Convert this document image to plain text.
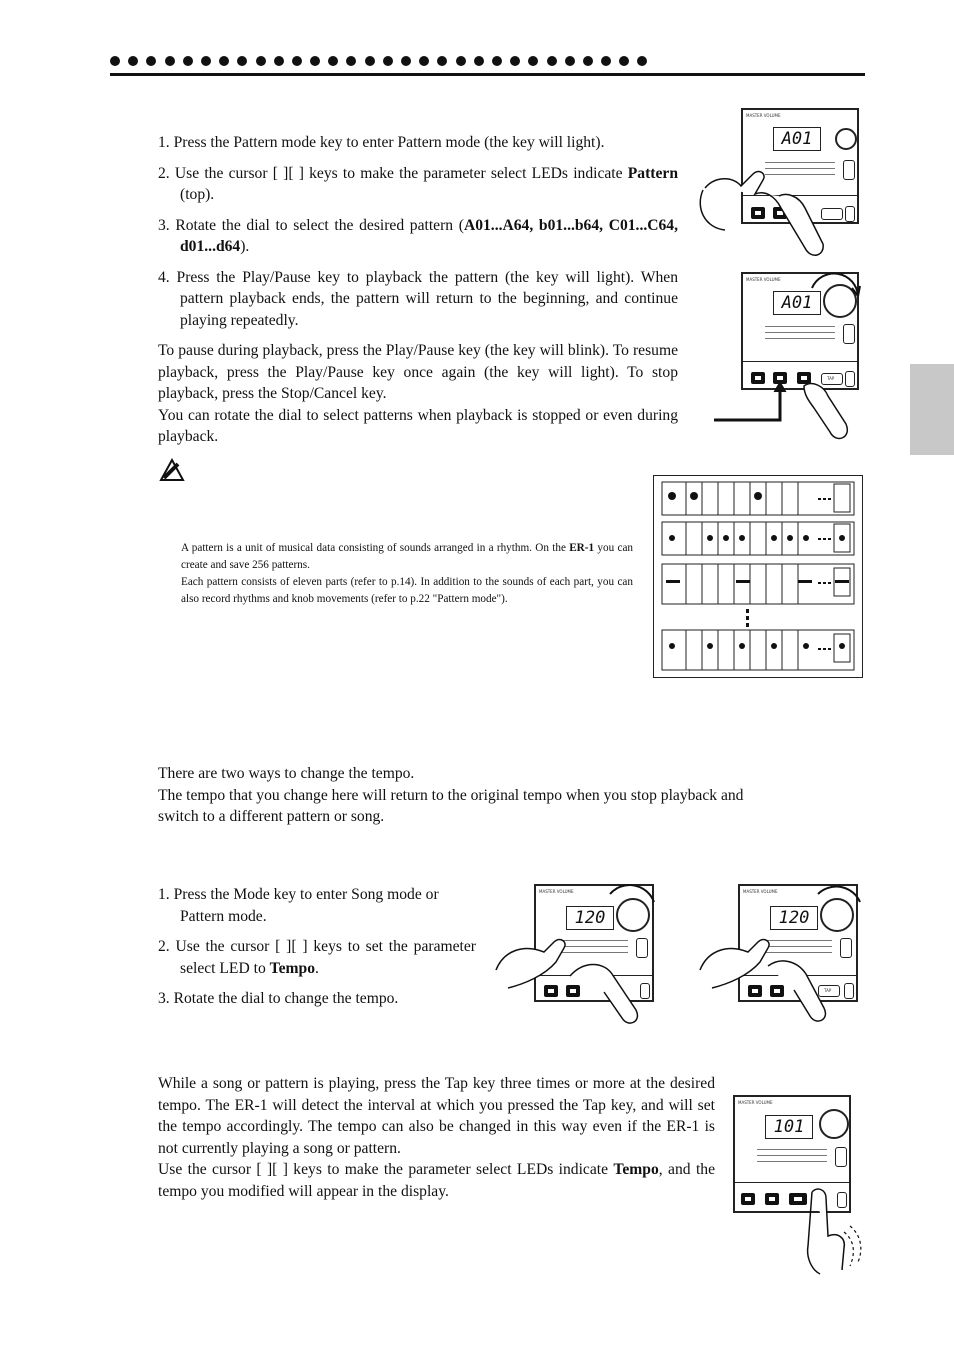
1. Press the Pattern mode key to enter Pattern mode (the key will light).
2. Use the cursor [ ][ ] keys to make the parameter select LEDs indicate Pattern (top).
3. Rotate the dial to select the desired pattern (A01...A64, b01...b64, C01...C64, d01...d64).
4. Press the Play/Pause key to playback the pattern (the key will light). When pattern playback ends, the pattern will return to the beginning, and continue playing repeatedly.
To pause during playback, press the Play/Pause key (the key will blink). To resume playback, press the Play/Pause key once again (the key will light). To stop playback, press the Stop/Cancel key.
You can rotate the dial to select patterns when playback is stopped or even during playback.
A pattern is a unit of musical data consisting of sounds arranged in a rhythm. On the ER-1 you can create and save 256 patterns.
Each pattern consists of eleven parts (refer to p.14). In addition to the sounds of each part, you can also record rhythms and knob movements (refer to p.22 "Pattern mode").
MASTER VOLUME
A01
MASTER VOLUME
A01
TAP
There are two ways to change the tempo.
The tempo that you change here will return to the original tempo when you stop playback and switch to a different pattern or song.
1. Press the Mode key to enter Song mode or Pattern mode.
2. Use the cursor [ ][ ] keys to set the parameter select LED to Tempo.
3. Rotate the dial to change the tempo.
MASTER VOLUME
120
MASTER VOLUME
120
TAP
While a song or pattern is playing, press the Tap key three times or more at the desired tempo. The ER-1 will detect the interval at which you pressed the Tap key, and will set the tempo accordingly. The tempo can also be changed in this way even if the ER-1 is not currently playing a song or pattern.
Use the cursor [ ][ ] keys to make the parameter select LEDs indicate Tempo, and the tempo you modified will appear in the display.
MASTER VOLUME
101
